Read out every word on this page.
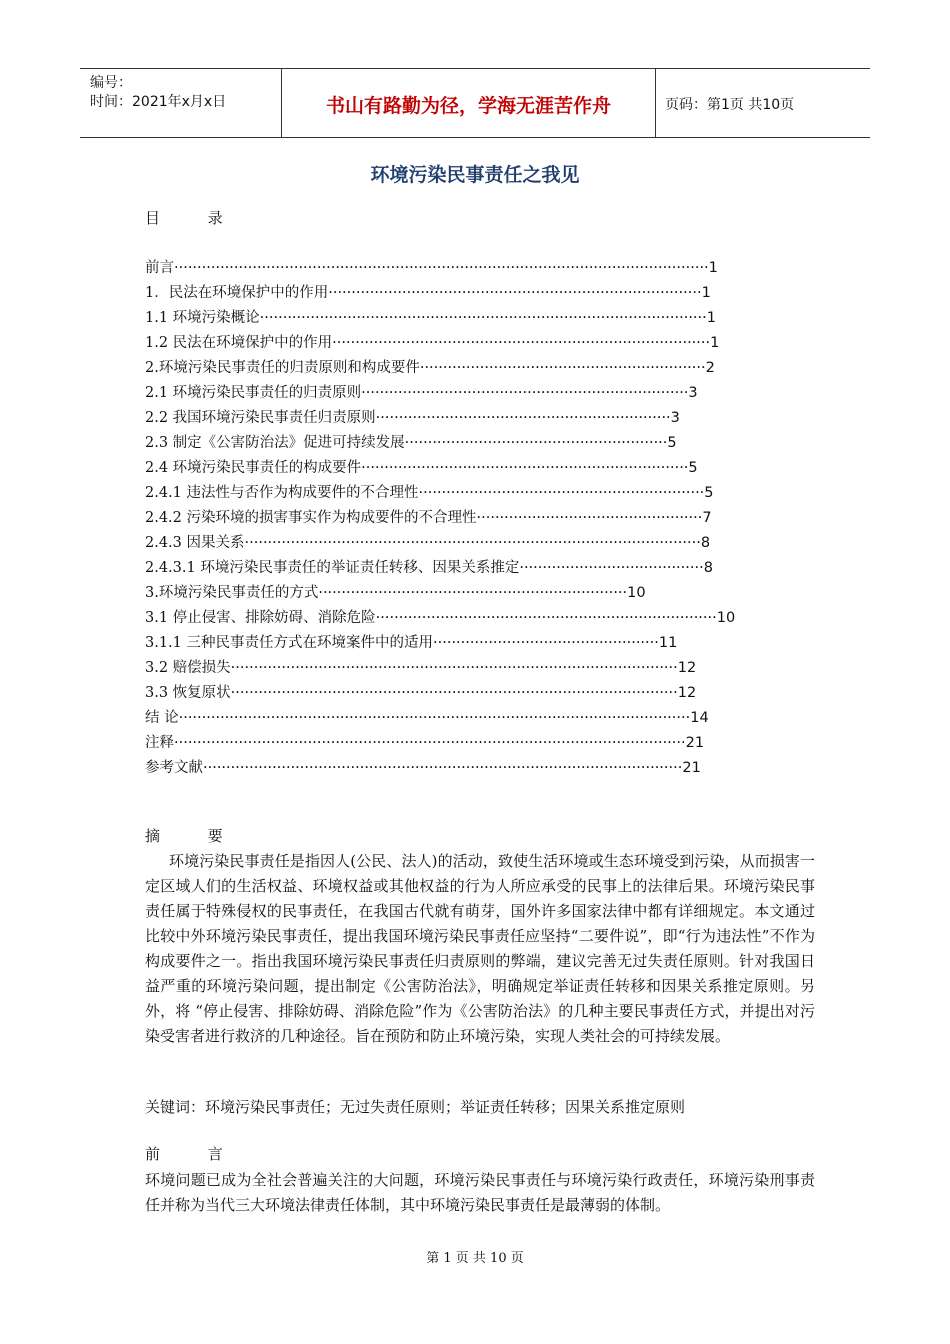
编号：
时间：2021年x月x日	书山有路勤为径，学海无涯苦作舟	页码：第1页 共10页
环境污染民事责任之我见
目          录
前言····················································································································1
1．民法在环境保护中的作用·················································································1
1.1 环境污染概论·································································································1
1.2 民法在环境保护中的作用··················································································1
2.环境污染民事责任的归责原则和构成要件······························································2
2.1 环境污染民事责任的归责原则·······································································3
2.2 我国环境污染民事责任归责原则································································3
2.3 制定《公害防治法》促进可持续发展·························································5
2.4 环境污染民事责任的构成要件·······································································5
2.4.1 违法性与否作为构成要件的不合理性······························································5
2.4.2 污染环境的损害事实作为构成要件的不合理性·················································7
2.4.3 因果关系···································································································8
2.4.3.1 环境污染民事责任的举证责任转移、因果关系推定········································8
3.环境污染民事责任的方式···································································10
3.1 停止侵害、排除妨碍、消除危险··········································································10
3.1.1 三种民事责任方式在环境案件中的适用·················································11
3.2 赔偿损失·································································································12
3.3 恢复原状·································································································12
结 论···············································································································14
注释···············································································································21
参考文献········································································································21
摘          要
环境污染民事责任是指因人(公民、法人)的活动，致使生活环境或生态环境受到污染，从而损害一定区域人们的生活权益、环境权益或其他权益的行为人所应承受的民事上的法律后果。环境污染民事责任属于特殊侵权的民事责任，在我国古代就有萌芽，国外许多国家法律中都有详细规定。本文通过比较中外环境污染民事责任，提出我国环境污染民事责任应坚持“二要件说”，即“行为违法性”不作为构成要件之一。指出我国环境污染民事责任归责原则的弊端，建议完善无过失责任原则。针对我国日益严重的环境污染问题，提出制定《公害防治法》，明确规定举证责任转移和因果关系推定原则。另外，将 “停止侵害、排除妨碍、消除危险”作为《公害防治法》的几种主要民事责任方式，并提出对污染受害者进行救济的几种途径。旨在预防和防止环境污染，实现人类社会的可持续发展。
关键词：环境污染民事责任；无过失责任原则；举证责任转移；因果关系推定原则
前          言
环境问题已成为全社会普遍关注的大问题，环境污染民事责任与环境污染行政责任，环境污染刑事责任并称为当代三大环境法律责任体制，其中环境污染民事责任是最薄弱的体制。
第 1 页 共 10 页
